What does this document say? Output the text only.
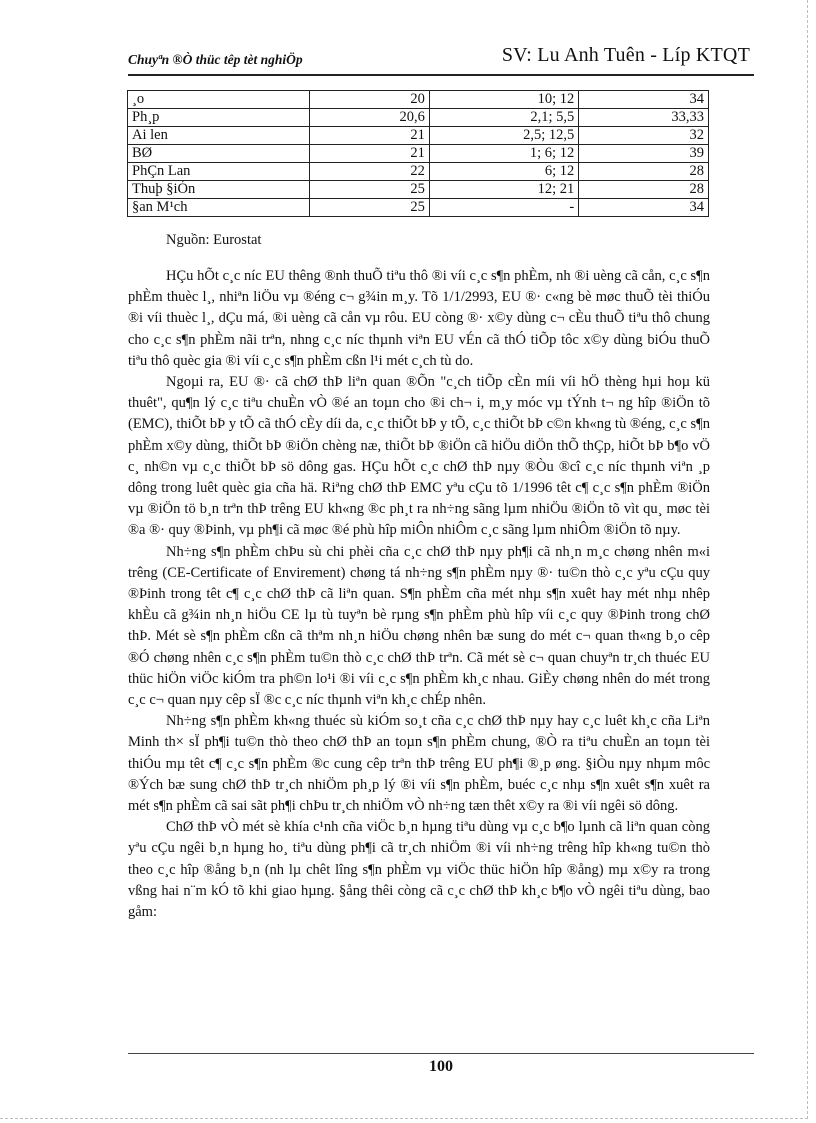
Chuyªn ®Ò thüc têp tèt nghiÖp	SV: Lu Anh Tuên - Líp KTQT
¸o	20	10; 12	34
Ph¸p	20,6	2,1; 5,5	33,33
Ai len	21	2,5; 12,5	32
BØ	21	1; 6; 12	39
PhÇn Lan	22	6; 12	28
Thuþ §iÓn	25	12; 21	28
§an M¹ch	25	-	34
Nguồn: Eurostat

HÇu hÕt c¸c níc EU thêng ®nh thuÕ tiªu thô ®i víi c¸c s¶n phÈm, nh ®i uèng cã cån, c¸c s¶n phÈm thuèc l¸, nhiªn liÖu vµ ®éng c¬ g¾in m¸y. Tõ 1/1/2993, EU ®· c«ng bè møc thuÕ tèi thiÓu ®i víi thuèc l¸, dÇu má, ®i uèng cã cån vµ rôu. EU còng ®· x©y dùng c¬ cÈu thuÕ tiªu thô chung cho c¸c s¶n phÈm nãi trªn, nhng c¸c níc thµnh viªn EU vÉn cã thÓ tiÕp tôc x©y dùng biÓu thuÕ tiªu thô quèc gia ®i víi c¸c s¶n phÈm cßn l¹i mét c¸ch tù do.

Ngoµi ra, EU ®· cã chØ thÞ liªn quan ®Õn "c¸ch tiÕp cÈn míi víi hÖ thèng hµi hoµ kü thuêt", qu¶n lý c¸c tiªu chuÈn vÒ ®é an toµn cho ®i ch¬ i, m¸y móc vµ tÝnh t¬ ng hîp ®iÖn tõ (EMC), thiÕt bÞ y tÕ cã thÓ cÈy díi da, c¸c thiÕt bÞ y tÕ, c¸c thiÕt bÞ c©n kh«ng tù ®éng, c¸c s¶n phÈm x©y dùng, thiÕt bÞ ®iÖn chèng næ, thiÕt bÞ ®iÖn cã hiÖu diÖn thÕ thÇp, hiÕt bÞ b¶o vÖ c¸ nh©n vµ c¸c thiÕt bÞ sö dông gas. HÇu hÕt c¸c chØ thÞ nµy ®Òu ®cî c¸c níc thµnh viªn ¸p dông trong luêt quèc gia cña hä. Riªng chØ thÞ EMC yªu cÇu tõ 1/1996 têt c¶ c¸c s¶n phÈm ®iÖn vµ ®iÖn tö b¸n trªn thÞ trêng EU kh«ng ®c ph¸t ra nh÷ng sãng lµm nhiÖu ®iÖn tõ vìt qu¸ møc tèi ®a ®· quy ®Þinh, vµ ph¶i cã møc ®é phù hîp miÔn nhiÔm c¸c sãng lµm nhiÔm ®iÖn tõ nµy.

Nh÷ng s¶n phÈm chÞu sù chi phèi cña c¸c chØ thÞ nµy ph¶i cã nh¸n m¸c chøng nhên m«i trêng (CE-Certificate of Envirement) chøng tá nh÷ng s¶n phÈm nµy ®· tu©n thò c¸c yªu cÇu quy ®Þinh trong têt c¶ c¸c chØ thÞ cã liªn quan. S¶n phÈm cña mét nhµ s¶n xuêt hay mét nhµ nhêp khÈu cã g¾in nh¸n hiÖu CE lµ tù tuyªn bè rµng s¶n phÈm phù hîp víi c¸c quy ®Þinh trong chØ thÞ. Mét sè s¶n phÈm cßn cã thªm nh¸n hiÖu chøng nhên bæ sung do mét c¬ quan th«ng b¸o cêp ®Ó chøng nhên c¸c s¶n phÈm tu©n thò c¸c chØ thÞ trªn. Cã mét sè c¬ quan chuyªn tr¸ch thuéc EU thüc hiÖn viÖc kiÓm tra ph©n lo¹i ®i víi c¸c s¶n phÈm kh¸c nhau. GiÈy chøng nhên do mét trong c¸c c¬ quan nµy cêp sÏ ®c c¸c níc thµnh viªn kh¸c chÉp nhên.

Nh÷ng s¶n phÈm kh«ng thuéc sù kiÓm so¸t cña c¸c chØ thÞ nµy hay c¸c luêt kh¸c cña Liªn Minh th× sÏ ph¶i tu©n thò theo chØ thÞ an toµn s¶n phÈm chung, ®Ò ra tiªu chuÈn an toµn tèi thiÓu mµ têt c¶ c¸c s¶n phÈm ®c cung cêp trªn thÞ trêng EU ph¶i ®¸p øng. §iÒu nµy nhµm môc ®Ých bæ sung chØ thÞ tr¸ch nhiÖm ph¸p lý ®i víi s¶n phÈm, buéc c¸c nhµ s¶n xuêt s¶n xuêt ra mét s¶n phÈm cã sai sãt ph¶i chÞu tr¸ch nhiÖm vÒ nh÷ng tæn thêt x©y ra ®i víi ngêi sö dông.

ChØ thÞ vÒ mét sè khía c¹nh cña viÖc b¸n hµng tiªu dùng vµ c¸c b¶o lµnh cã liªn quan còng yªu cÇu ngêi b¸n hµng ho¸ tiªu dùng ph¶i cã tr¸ch nhiÖm ®i víi nh÷ng trêng hîp kh«ng tu©n thò theo c¸c hîp ®ång b¸n (nh lµ chêt lîng s¶n phÈm vµ viÖc thüc hiÖn hîp ®ång) mµ x©y ra trong vßng hai n¨m kÓ tõ khi giao hµng. §ång thêi còng cã c¸c chØ thÞ kh¸c b¶o vÒ ngêi tiªu dùng, bao gåm:

100
